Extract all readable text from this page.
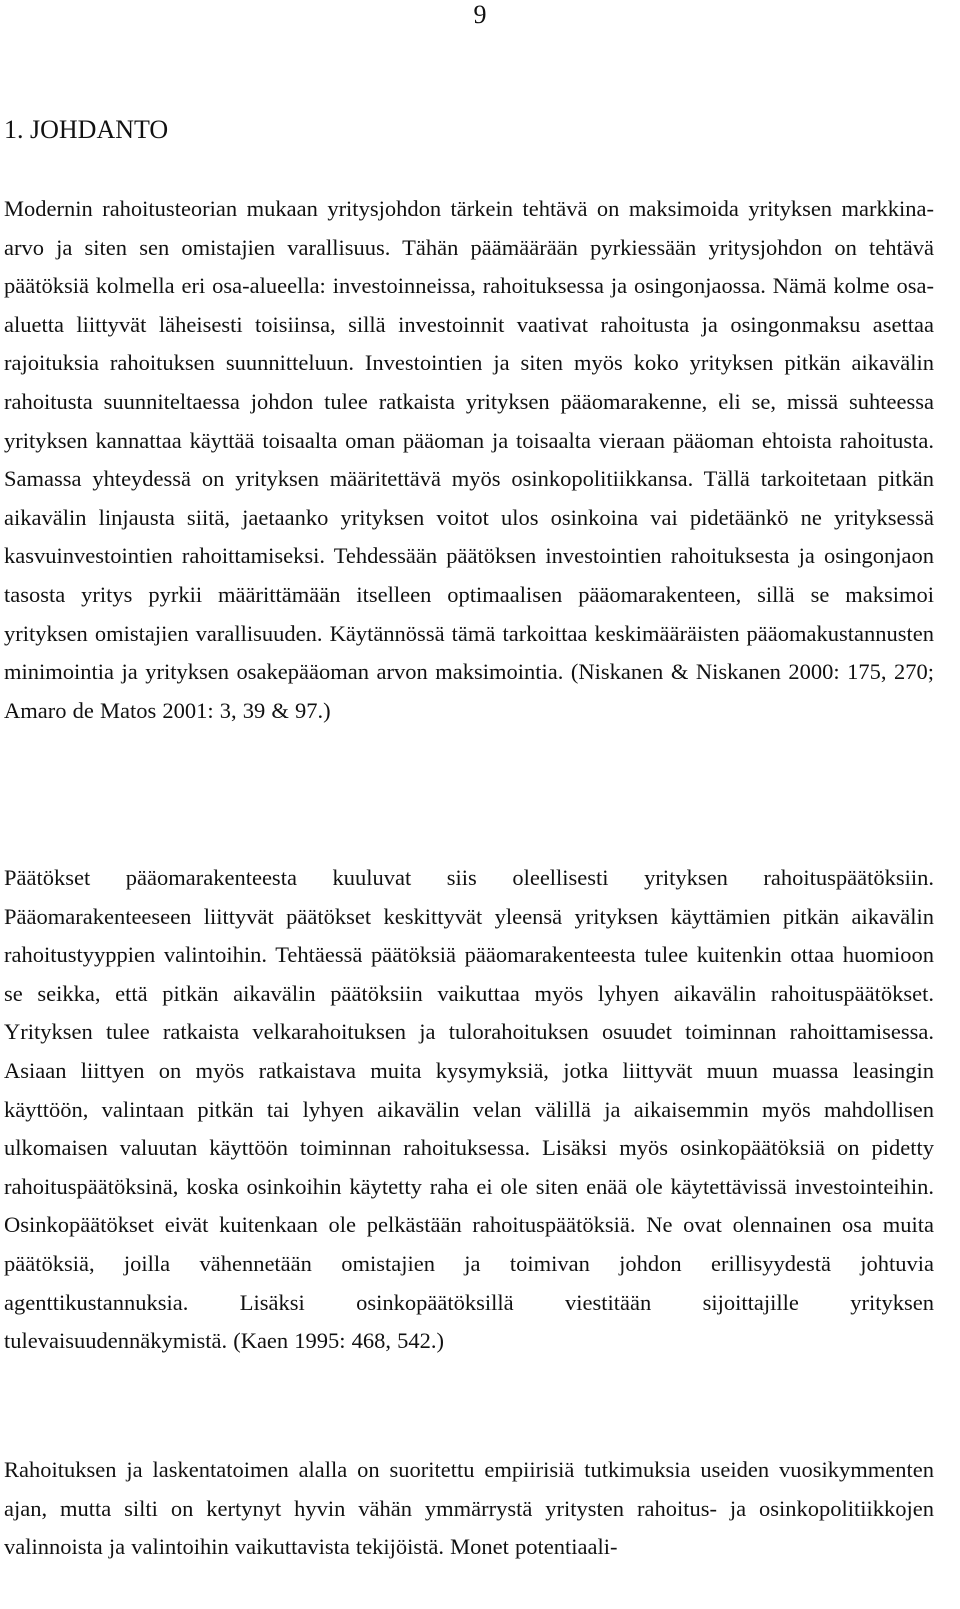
9
1. JOHDANTO

Modernin rahoitusteorian mukaan yritysjohdon tärkein tehtävä on maksimoida yrityksen markkina-arvo ja siten sen omistajien varallisuus. Tähän päämäärään pyrkiessään yritysjohdon on tehtävä päätöksiä kolmella eri osa-alueella: investoinneissa, rahoituksessa ja osingonjaossa. Nämä kolme osa-aluetta liittyvät läheisesti toisiinsa, sillä investoinnit vaativat rahoitusta ja osingonmaksu asettaa rajoituksia rahoituksen suunnitteluun. Investointien ja siten myös koko yrityksen pitkän aikavälin rahoitusta suunniteltaessa johdon tulee ratkaista yrityksen pääomarakenne, eli se, missä suhteessa yrityksen kannattaa käyttää toisaalta oman pääoman ja toisaalta vieraan pääoman ehtoista rahoitusta. Samassa yhteydessä on yrityksen määritettävä myös osinkopolitiikkansa. Tällä tarkoitetaan pitkän aikavälin linjausta siitä, jaetaanko yrityksen voitot ulos osinkoina vai pidetäänkö ne yrityksessä kasvuinvestointien rahoittamiseksi. Tehdessään päätöksen investointien rahoituksesta ja osingonjaon tasosta yritys pyrkii määrittämään itselleen optimaalisen pääomarakenteen, sillä se maksimoi yrityksen omistajien varallisuuden. Käytännössä tämä tarkoittaa keskimääräisten pääomakustannusten minimointia ja yrityksen osakepääoman arvon maksimointia. (Niskanen & Niskanen 2000: 175, 270; Amaro de Matos 2001: 3, 39 & 97.)

Päätökset pääomarakenteesta kuuluvat siis oleellisesti yrityksen rahoituspäätöksiin. Pääomarakenteeseen liittyvät päätökset keskittyvät yleensä yrityksen käyttämien pitkän aikavälin rahoitustyyppien valintoihin. Tehtäessä päätöksiä pääomarakenteesta tulee kuitenkin ottaa huomioon se seikka, että pitkän aikavälin päätöksiin vaikuttaa myös lyhyen aikavälin rahoituspäätökset. Yrityksen tulee ratkaista velkarahoituksen ja tulorahoituksen osuudet toiminnan rahoittamisessa. Asiaan liittyen on myös ratkaistava muita kysymyksiä, jotka liittyvät muun muassa leasingin käyttöön, valintaan pitkän tai lyhyen aikavälin velan välillä ja aikaisemmin myös mahdollisen ulkomaisen valuutan käyttöön toiminnan rahoituksessa. Lisäksi myös osinkopäätöksiä on pidetty rahoituspäätöksinä, koska osinkoihin käytetty raha ei ole siten enää ole käytettävissä investointeihin. Osinkopäätökset eivät kuitenkaan ole pelkästään rahoituspäätöksiä. Ne ovat olennainen osa muita päätöksiä, joilla vähennetään omistajien ja toimivan johdon erillisyydestä johtuvia agenttikustannuksia. Lisäksi osinkopäätöksillä viestitään sijoittajille yrityksen tulevaisuudennäkymistä. (Kaen 1995: 468, 542.)

Rahoituksen ja laskentatoimen alalla on suoritettu empiirisiä tutkimuksia useiden vuosikymmenten ajan, mutta silti on kertynyt hyvin vähän ymmärrystä yritysten rahoitus- ja osinkopolitiikkojen valinnoista ja valintoihin vaikuttavista tekijöistä. Monet potentiaali-
